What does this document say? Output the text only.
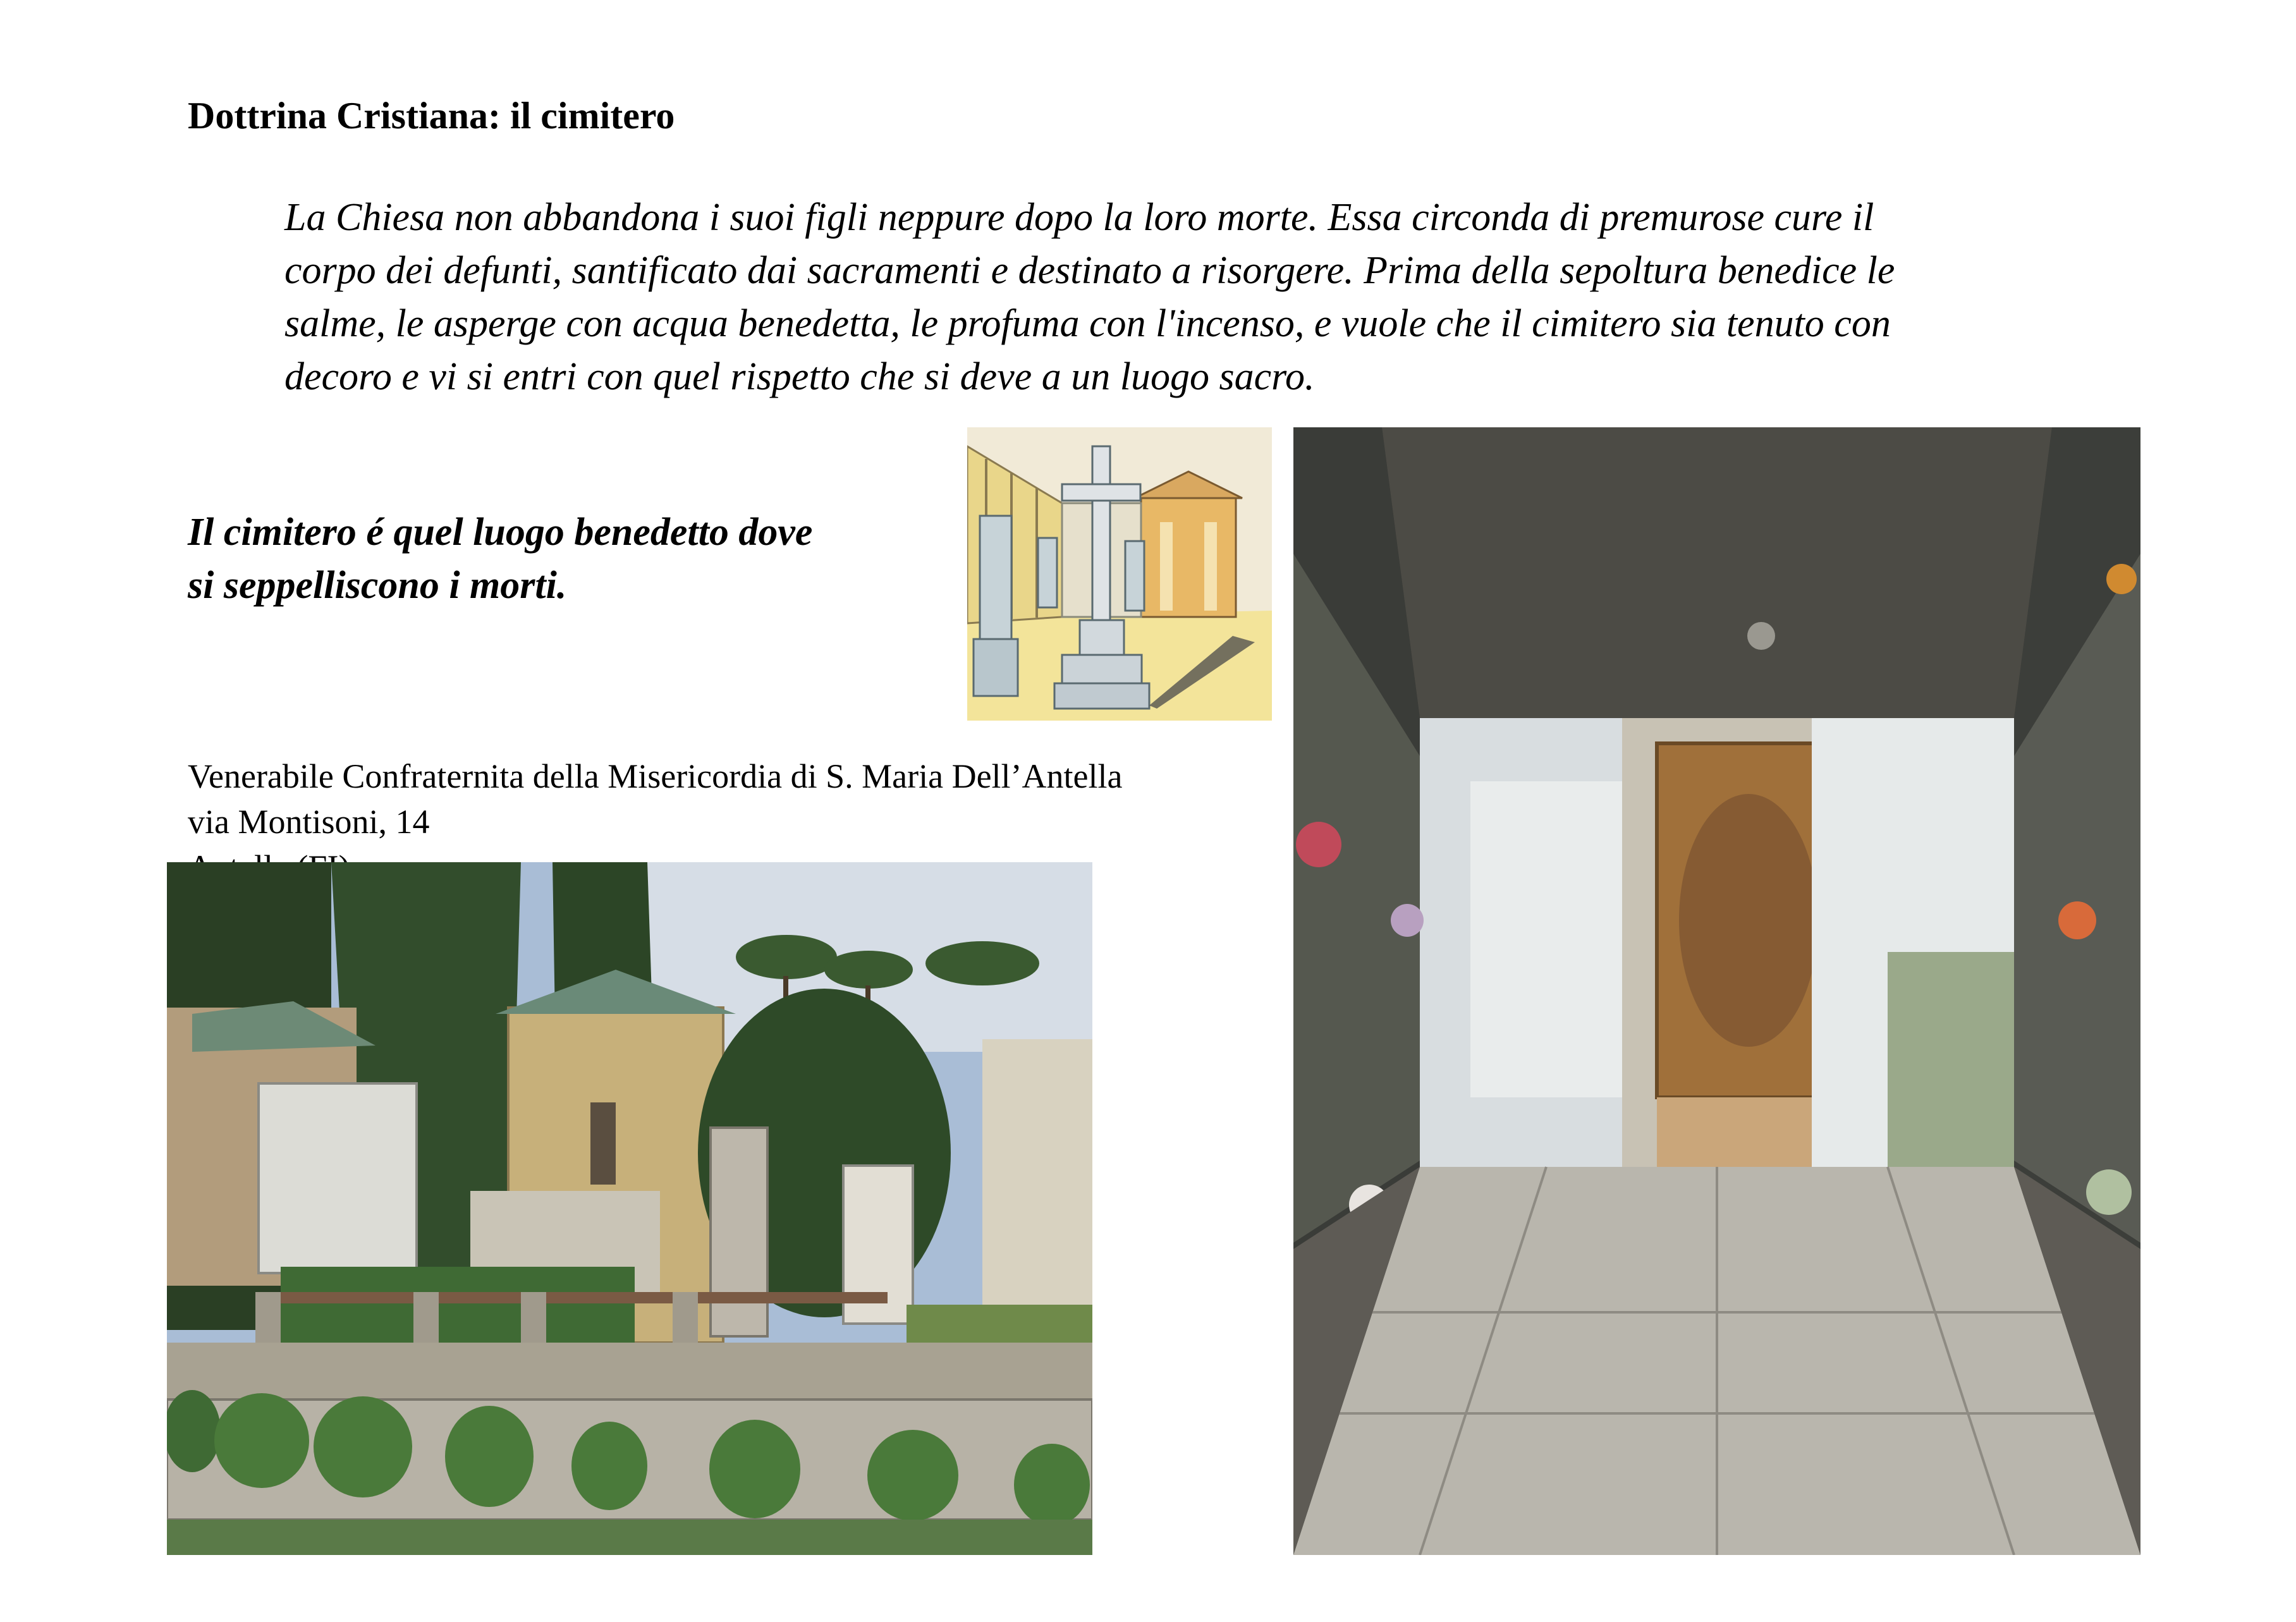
Dottrina Cristiana: il cimitero

La Chiesa non abbandona i suoi figli neppure dopo la loro morte. Essa circonda di premurose cure il
corpo dei defunti, santificato dai sacramenti e destinato a risorgere. Prima della sepoltura benedice le
salme, le asperge con acqua benedetta, le profuma con l'incenso, e vuole che il cimitero sia tenuto con
decoro e vi si entri con quel rispetto che si deve a un luogo sacro.

Il cimitero é quel luogo benedetto dove
si seppelliscono i morti.
Venerabile Confraternita della Misericordia di S. Maria Dell’Antella
via Montisoni, 14
